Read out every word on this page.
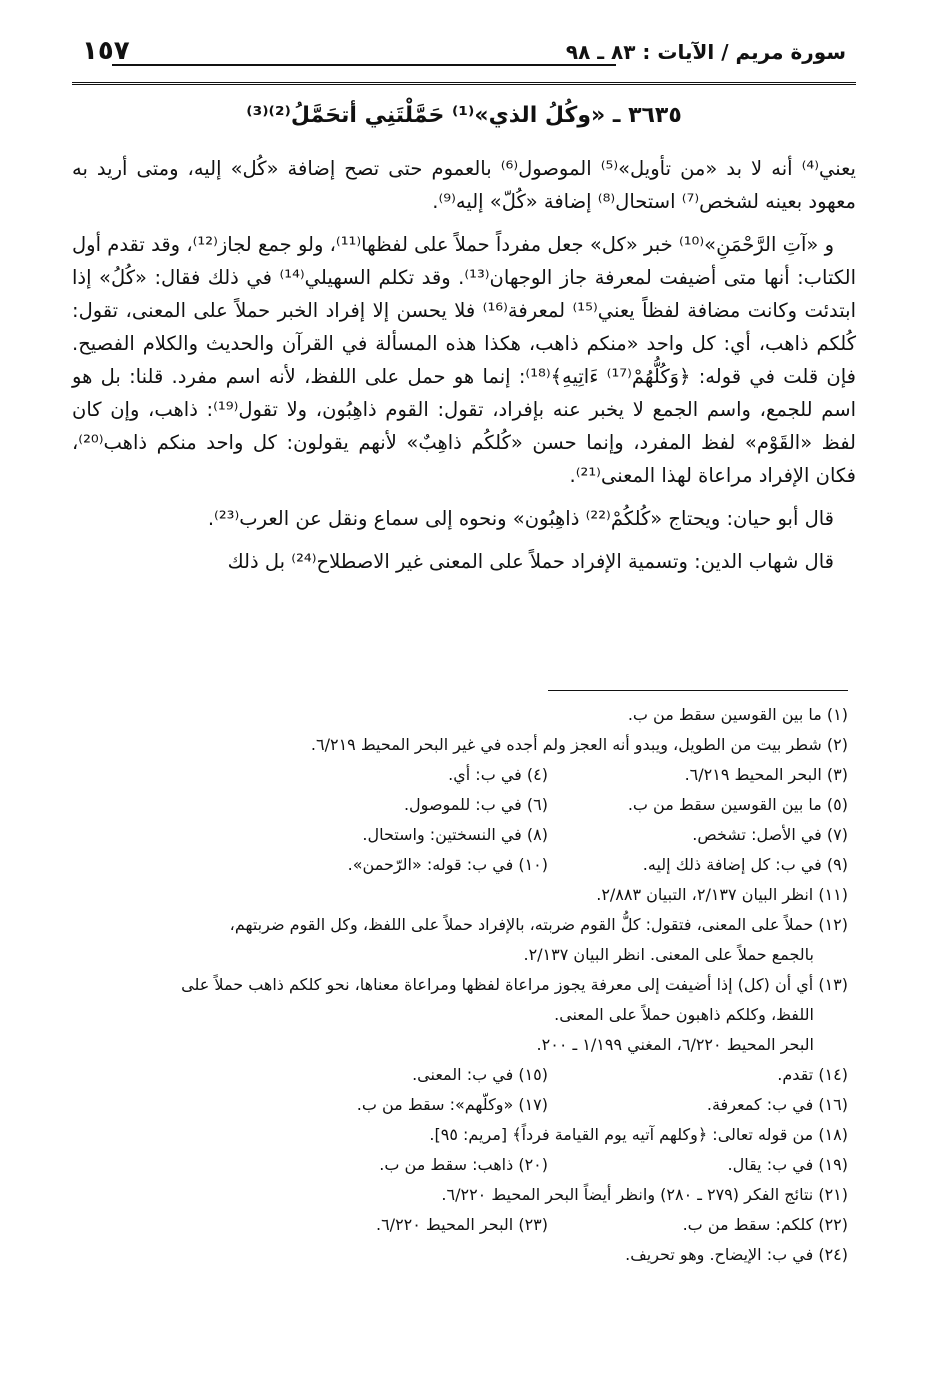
سورة مريم / الآيات : ٨٣ ـ ٩٨
١٥٧
٣٦٣٥ ـ «وكُلُ الذي»⁽¹⁾ حَمَّلْتَنِي أتحَمَّلُ⁽²⁾⁽³⁾

يعني⁽⁴⁾ أنه لا بد «من تأويل»⁽⁵⁾ الموصول⁽⁶⁾ بالعموم حتى تصح إضافة «كُل» إليه، ومتى أريد به معهود بعينه لشخص⁽⁷⁾ استحال⁽⁸⁾ إضافة «كُلّ» إليه⁽⁹⁾.

و «آتِ الرَّحْمَنِ»⁽¹⁰⁾ خبر «كل» جعل مفرداً حملاً على لفظها⁽¹¹⁾، ولو جمع لجاز⁽¹²⁾، وقد تقدم أول الكتاب: أنها متى أضيفت لمعرفة جاز الوجهان⁽¹³⁾. وقد تكلم السهيلي⁽¹⁴⁾ في ذلك فقال: «كُلُ» إذا ابتدئت وكانت مضافة لفظاً يعني⁽¹⁵⁾ لمعرفة⁽¹⁶⁾ فلا يحسن إلا إفراد الخبر حملاً على المعنى، تقول: كُلكم ذاهب، أي: كل واحد «منكم ذاهب، هكذا هذه المسألة في القرآن والحديث والكلام الفصيح. فإن قلت في قوله: ﴿وَكُلُّهُمْ⁽¹⁷⁾ ءَاتِيهِ﴾⁽¹⁸⁾: إنما هو حمل على اللفظ، لأنه اسم مفرد. قلنا: بل هو اسم للجمع، واسم الجمع لا يخبر عنه بإفراد، تقول: القوم ذاهِبُون، ولا تقول⁽¹⁹⁾: ذاهب، وإن كان لفظ «القَوْم» لفظ المفرد، وإنما حسن «كُلكُم ذاهِبٌ» لأنهم يقولون: كل واحد منكم ذاهب⁽²⁰⁾، فكان الإفراد مراعاة لهذا المعنى⁽²¹⁾.

قال أبو حيان: ويحتاج «كُلكُمْ⁽²²⁾ ذاهِبُون» ونحوه إلى سماع ونقل عن العرب⁽²³⁾.

قال شهاب الدين: وتسمية الإفراد حملاً على المعنى غير الاصطلاح⁽²⁴⁾ بل ذلك

(١) ما بين القوسين سقط من ب.
(٢) شطر بيت من الطويل، ويبدو أنه العجز ولم أجده في غير البحر المحيط ٦/٢١٩.
(٣) البحر المحيط ٦/٢١٩.
(٤) في ب: أي.
(٥) ما بين القوسين سقط من ب.
(٦) في ب: للموصول.
(٧) في الأصل: تشخص.
(٨) في النسختين: واستحال.
(٩) في ب: كل إضافة ذلك إليه.
(١٠) في ب: قوله: «الرّحمن».
(١١) انظر البيان ٢/١٣٧، التبيان ٢/٨٨٣.
(١٢) حملاً على المعنى، فتقول: كلُّ القوم ضربته، بالإفراد حملاً على اللفظ، وكل القوم ضربتهم،
بالجمع حملاً على المعنى. انظر البيان ٢/١٣٧.
(١٣) أي أن (كل) إذا أضيفت إلى معرفة يجوز مراعاة لفظها ومراعاة معناها، نحو كلكم ذاهب حملاً على
اللفظ، وكلكم ذاهبون حملاً على المعنى.
البحر المحيط ٦/٢٢٠، المغني ١/١٩٩ ـ ٢٠٠.
(١٤) تقدم.
(١٥) في ب: المعنى.
(١٦) في ب: كمعرفة.
(١٧) «وكلّهم»: سقط من ب.
(١٨) من قوله تعالى: ﴿وكلهم آتيه يوم القيامة فرداً﴾ [مريم: ٩٥].
(١٩) في ب: يقال.
(٢٠) ذاهب: سقط من ب.
(٢١) نتائج الفكر (٢٧٩ ـ ٢٨٠) وانظر أيضاً البحر المحيط ٦/٢٢٠.
(٢٢) كلكم: سقط من ب.
(٢٣) البحر المحيط ٦/٢٢٠.
(٢٤) في ب: الإيضاح. وهو تحريف.
